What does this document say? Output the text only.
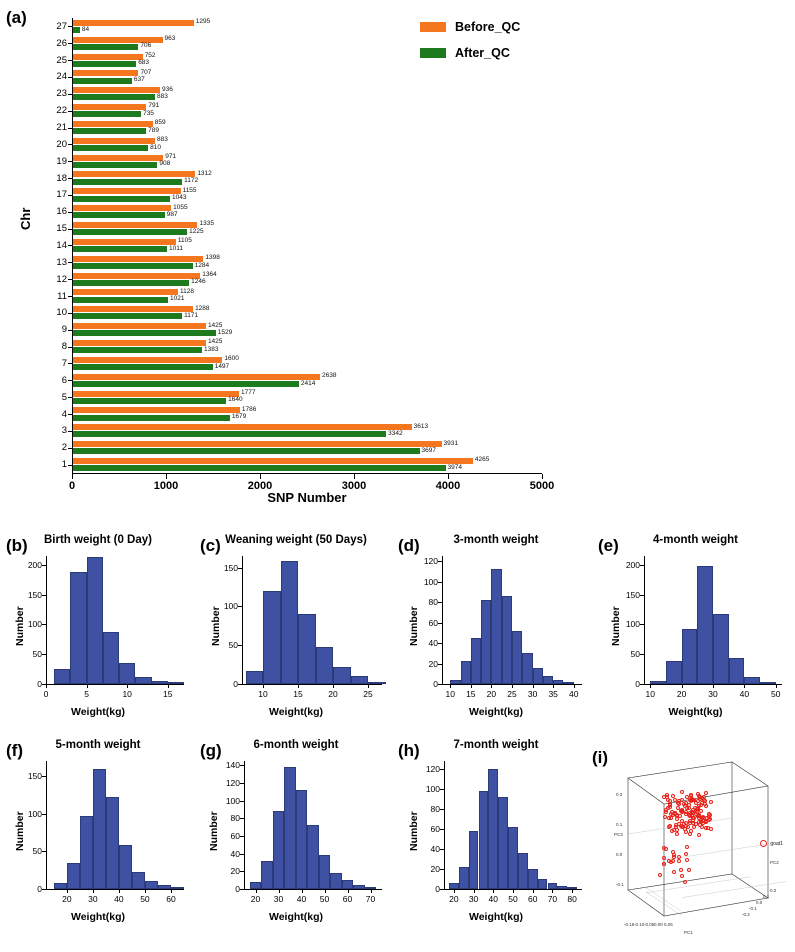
(a)
4265
3974
1
3931
3697
2
3613
3342
3
1786
1679
4
1777
1640
5
2638
2414
6
1600
1497
7
1425
1383
8
1425
1529
9
1288
1171
10
1128
1021
11
1364
1246
12
1398
1284
13
1105
1011
14
1335
1225
15
1055
987
16
1155
1043
17
1312
1172
18
971
908
19
883
810
20
859
789
21
791
735
22
936
883
23
707
637
24
752
683
25
963
706
26
1295
84
27
0	1000	2000	3000	4000	5000
SNP Number
Chr
Before_QC
After_QC
(b)	Birth weight (0 Day)
0
50
100
150
200
0	5	10	15
Weight(kg)
Number
(c) Weaning weight (50 Days)
0
50
100
150
10	15	20	25
Weight(kg)
Number
(d)	3-month weight
0
20
40
60
80
100
120
10 15 20 25 30 35 40
Weight(kg)
Number
(e)	4-month weight
0
50
100
150
200
10	20	30	40	50
Weight(kg)
Number
(f)	5-month weight
0
50
100
150
20 30 40 50 60
Weight(kg)
Number
(g)	6-month weight
0
20
40
60
80
100
120
140
20 30 40 50 60 70
Weight(kg)
Number
(h)	7-month weight
0
20
40
60
80
100
120
20 30 40 50 60 70 80
Weight(kg)
Number
(i)
goat1
PC1
PC2
PC3
-0.15 -0.10 -0.05 0.00 0.05
-0.2
-0.1
0.0
0.1
0.2
-0.1
0.0
0.1
0.2
